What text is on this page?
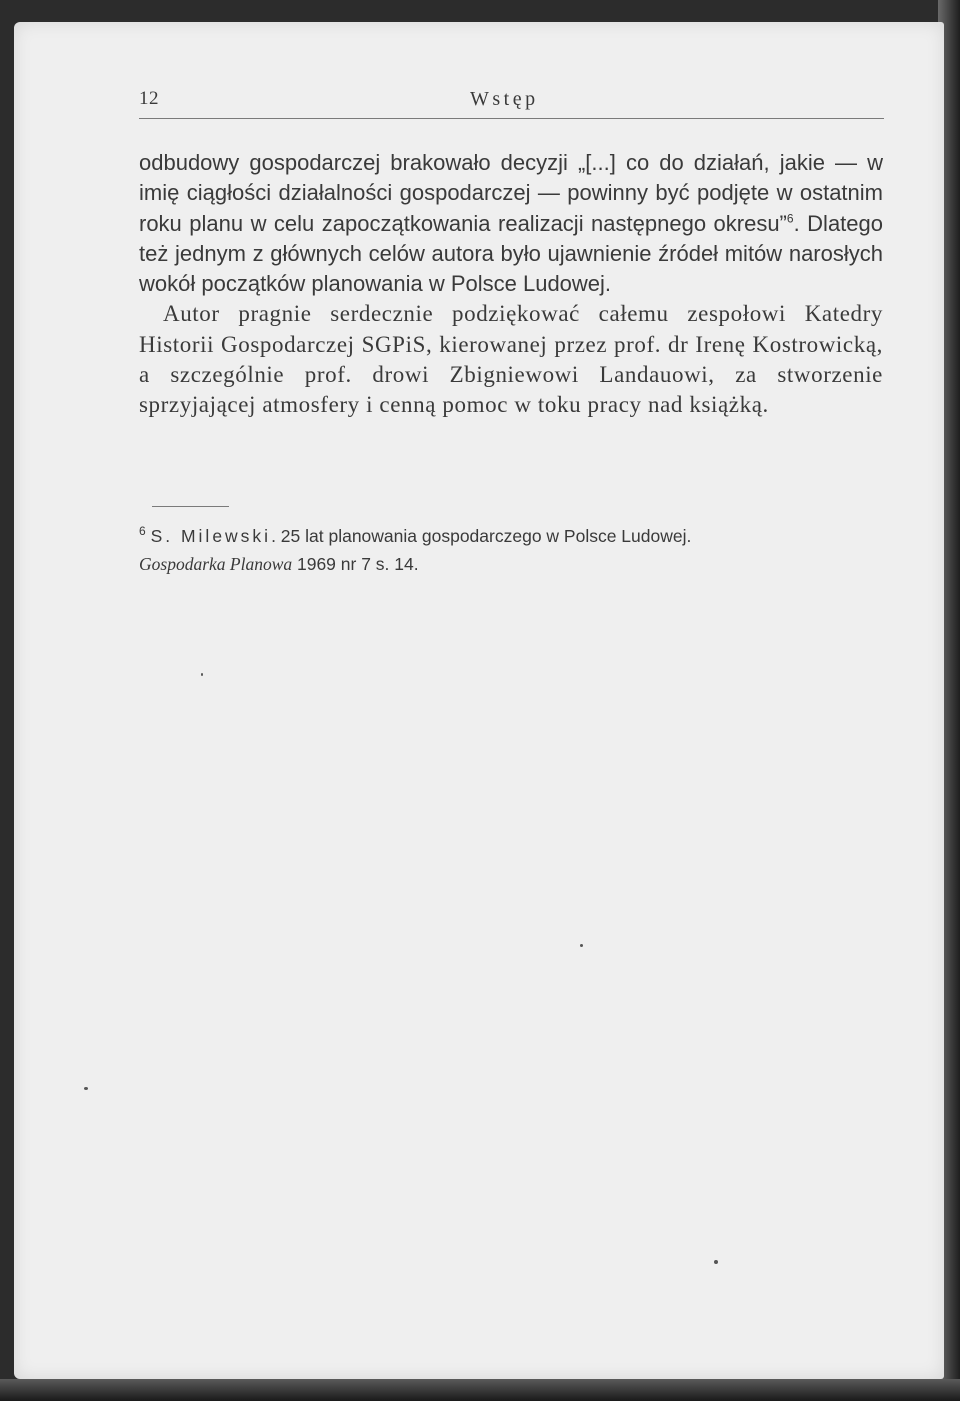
12	Wstęp

odbudowy gospodarczej brakowało decyzji „[...] co do działań, jakie — w imię ciągłości działalności gospodarczej — powinny być podjęte w ostatnim roku planu w celu zapoczątkowania realizacji następnego okresu”$^6$. Dlatego też jednym z głównych celów autora było ujawnienie źródeł mitów narosłych wokół początków planowania w Polsce Ludowej.

Autor pragnie serdecznie podziękować całemu zespołowi Katedry Historii Gospodarczej SGPiS, kierowanej przez prof. dr Irenę Kostrowicką, a szczególnie prof. drowi Zbigniewowi Landauowi, za stworzenie sprzyjającej atmosfery i cenną pomoc w toku pracy nad książką.

$^6$ S. Milewski. 25 lat planowania gospodarczego w Polsce Ludowej.
Gospodarka Planowa 1969 nr 7 s. 14.
